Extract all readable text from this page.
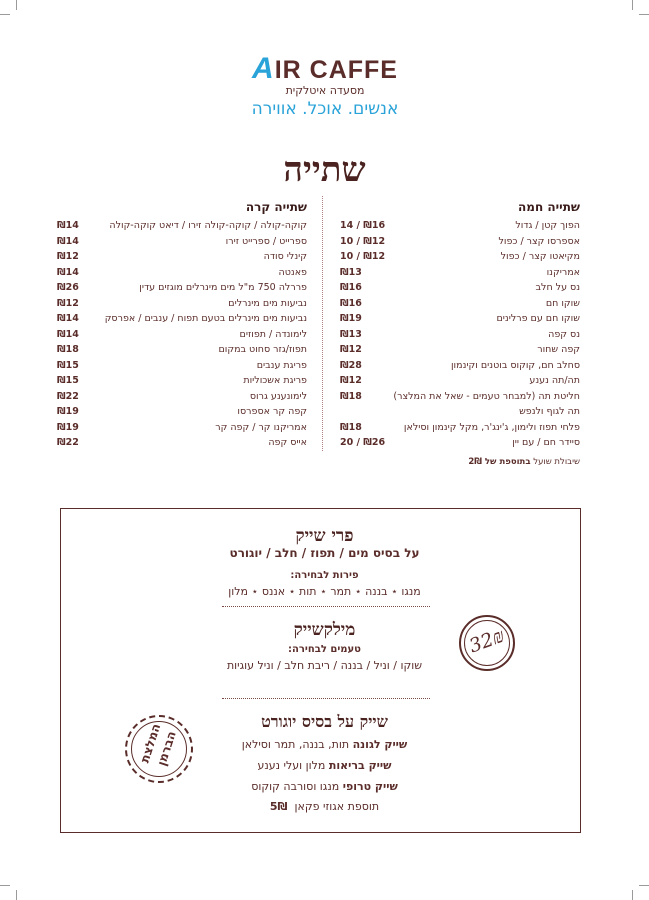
AIR CAFFE
מסעדה איטלקית
אנשים. אוכל. אווירה
שתייה
שתייה חמה
14 / ₪16	הפוך קטן / גדול
10 / ₪12	אספרסו קצר / כפול
10 / ₪12	מקיאטו קצר / כפול
₪13	אמריקנו
₪16	נס על חלב
₪16	שוקו חם
₪19	שוקו חם עם פרלינים
₪13	נס קפה
₪12	קפה שחור
₪28	סחלב חם, קוקוס בוטנים וקינמון
₪12	תה/תה נענע
₪18	חליטת תה (למבחר טעמים - שאל את המלצר)
תה לגוף ולנפש
₪18	פלחי תפוז ולימון, ג'ינג'ר, מקל קינמון וסילאן
20 / ₪26	סיידר חם / עם יין
שתייה קרה
₪14	קוקה-קולה / קוקה-קולה זירו / דיאט קוקה-קולה
₪14	ספרייט / ספרייט זירו
₪12	קינלי סודה
₪14	פאנטה
₪26	פררלה 750 מ"ל מים מינרלים מוגזים עדין
₪12	נביעות מים מינרלים
₪14	נביעות מים מינרלים בטעם תפוח / ענבים / אפרסק
₪14	לימונדה / תפוזים
₪18	תפוז/גזר סחוט במקום
₪15	פריגת ענבים
₪15	פריגת אשכוליות
₪22	לימונענע גרוס
₪19	קפה קר אספרסו
₪19	אמריקנו קר / קפה קר
₪22	אייס קפה
שיבולת שועל בתוספת של 2₪
פרי שייק
על בסיס מים / תפוז / חלב / יוגורט
פירות לבחירה:
מנגו ⋆ בננה ⋆ תמר ⋆ תות ⋆ אננס ⋆ מלון
מילקשייק
טעמים לבחירה:
שוקו / וניל / בננה / ריבת חלב / וניל עוגיות
32₪
שייק על בסיס יוגורט
שייק לגונה תות, בננה, תמר וסילאן
שייק בריאות מלון ועלי נענע
שייק טרופי מנגו וסורבה קוקוס
תוספת אגוזי פקאן  5₪
המלצת הברמן
